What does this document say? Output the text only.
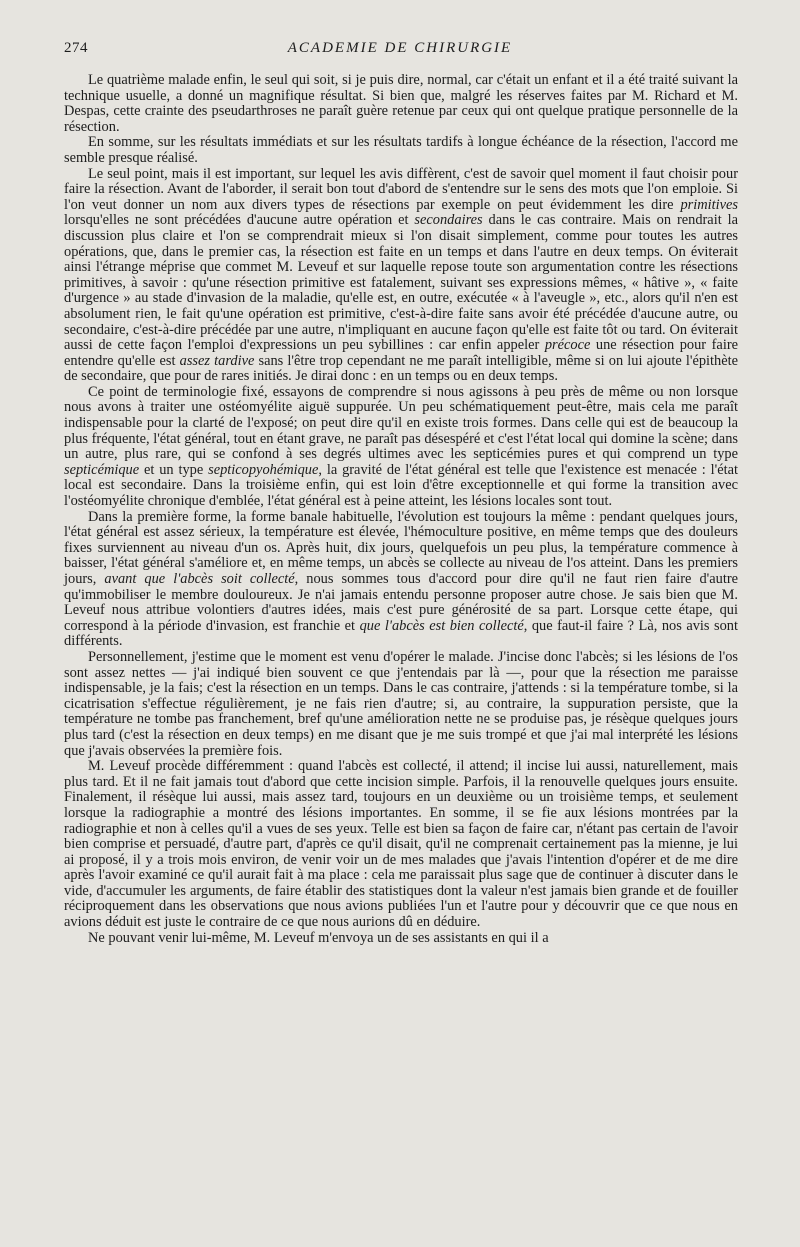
274	ACADEMIE DE CHIRURGIE

Le quatrième malade enfin, le seul qui soit, si je puis dire, normal, car c'était un enfant et il a été traité suivant la technique usuelle, a donné un magnifique résultat. Si bien que, malgré les réserves faites par M. Richard et M. Despas, cette crainte des pseudarthroses ne paraît guère retenue par ceux qui ont quelque pratique personnelle de la résection.

En somme, sur les résultats immédiats et sur les résultats tardifs à longue échéance de la résection, l'accord me semble presque réalisé.

Le seul point, mais il est important, sur lequel les avis diffèrent, c'est de savoir quel moment il faut choisir pour faire la résection. Avant de l'aborder, il serait bon tout d'abord de s'entendre sur le sens des mots que l'on emploie. Si l'on veut donner un nom aux divers types de résections par exemple on peut évidemment les dire primitives lorsqu'elles ne sont précédées d'aucune autre opération et secondaires dans le cas contraire. Mais on rendrait la discussion plus claire et l'on se comprendrait mieux si l'on disait simplement, comme pour toutes les autres opérations, que, dans le premier cas, la résection est faite en un temps et dans l'autre en deux temps. On éviterait ainsi l'étrange méprise que commet M. Leveuf et sur laquelle repose toute son argumentation contre les résections primitives, à savoir : qu'une résection primitive est fatalement, suivant ses expressions mêmes, « hâtive », « faite d'urgence » au stade d'invasion de la maladie, qu'elle est, en outre, exécutée « à l'aveugle », etc., alors qu'il n'en est absolument rien, le fait qu'une opération est primitive, c'est-à-dire faite sans avoir été précédée d'aucune autre, ou secondaire, c'est-à-dire précédée par une autre, n'impliquant en aucune façon qu'elle est faite tôt ou tard. On éviterait aussi de cette façon l'emploi d'expressions un peu sybillines : car enfin appeler précoce une résection pour faire entendre qu'elle est assez tardive sans l'être trop cependant ne me paraît intelligible, même si on lui ajoute l'épithète de secondaire, que pour de rares initiés. Je dirai donc : en un temps ou en deux temps.

Ce point de terminologie fixé, essayons de comprendre si nous agissons à peu près de même ou non lorsque nous avons à traiter une ostéomyélite aiguë suppurée. Un peu schématiquement peut-être, mais cela me paraît indispensable pour la clarté de l'exposé; on peut dire qu'il en existe trois formes. Dans celle qui est de beaucoup la plus fréquente, l'état général, tout en étant grave, ne paraît pas désespéré et c'est l'état local qui domine la scène; dans un autre, plus rare, qui se confond à ses degrés ultimes avec les septicémies pures et qui comprend un type septicémique et un type septicopyohémique, la gravité de l'état général est telle que l'existence est menacée : l'état local est secondaire. Dans la troisième enfin, qui est loin d'être exceptionnelle et qui forme la transition avec l'ostéomyélite chronique d'emblée, l'état général est à peine atteint, les lésions locales sont tout.

Dans la première forme, la forme banale habituelle, l'évolution est toujours la même : pendant quelques jours, l'état général est assez sérieux, la température est élevée, l'hémoculture positive, en même temps que des douleurs fixes surviennent au niveau d'un os. Après huit, dix jours, quelquefois un peu plus, la température commence à baisser, l'état général s'améliore et, en même temps, un abcès se collecte au niveau de l'os atteint. Dans les premiers jours, avant que l'abcès soit collecté, nous sommes tous d'accord pour dire qu'il ne faut rien faire d'autre qu'immobiliser le membre douloureux. Je n'ai jamais entendu personne proposer autre chose. Je sais bien que M. Leveuf nous attribue volontiers d'autres idées, mais c'est pure générosité de sa part. Lorsque cette étape, qui correspond à la période d'invasion, est franchie et que l'abcès est bien collecté, que faut-il faire ? Là, nos avis sont différents.

Personnellement, j'estime que le moment est venu d'opérer le malade. J'incise donc l'abcès; si les lésions de l'os sont assez nettes — j'ai indiqué bien souvent ce que j'entendais par là —, pour que la résection me paraisse indispensable, je la fais; c'est la résection en un temps. Dans le cas contraire, j'attends : si la température tombe, si la cicatrisation s'effectue régulièrement, je ne fais rien d'autre; si, au contraire, la suppuration persiste, que la température ne tombe pas franchement, bref qu'une amélioration nette ne se produise pas, je résèque quelques jours plus tard (c'est la résection en deux temps) en me disant que je me suis trompé et que j'ai mal interprété les lésions que j'avais observées la première fois.

M. Leveuf procède différemment : quand l'abcès est collecté, il attend; il incise lui aussi, naturellement, mais plus tard. Et il ne fait jamais tout d'abord que cette incision simple. Parfois, il la renouvelle quelques jours ensuite. Finalement, il résèque lui aussi, mais assez tard, toujours en un deuxième ou un troisième temps, et seulement lorsque la radiographie a montré des lésions importantes. En somme, il se fie aux lésions montrées par la radiographie et non à celles qu'il a vues de ses yeux. Telle est bien sa façon de faire car, n'étant pas certain de l'avoir bien comprise et persuadé, d'autre part, d'après ce qu'il disait, qu'il ne comprenait certainement pas la mienne, je lui ai proposé, il y a trois mois environ, de venir voir un de mes malades que j'avais l'intention d'opérer et de me dire après l'avoir examiné ce qu'il aurait fait à ma place : cela me paraissait plus sage que de continuer à discuter dans le vide, d'accumuler les arguments, de faire établir des statistiques dont la valeur n'est jamais bien grande et de fouiller réciproquement dans les observations que nous avions publiées l'un et l'autre pour y découvrir que ce que nous en avions déduit est juste le contraire de ce que nous aurions dû en déduire.

Ne pouvant venir lui-même, M. Leveuf m'envoya un de ses assistants en qui il a
